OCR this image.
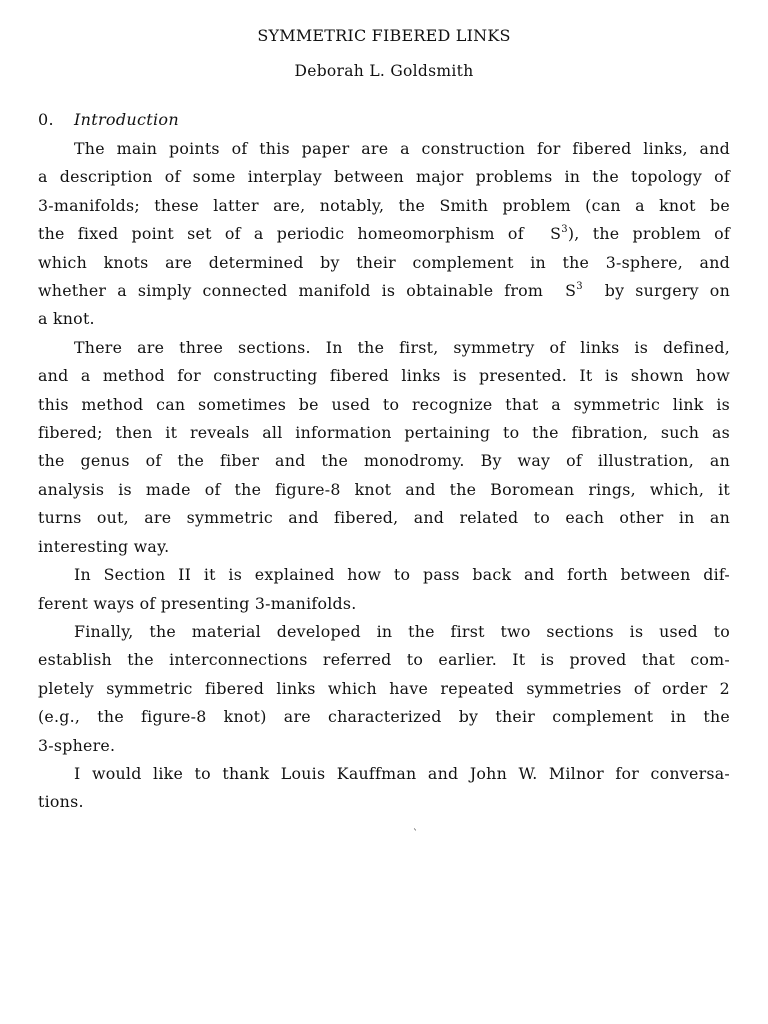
SYMMETRIC FIBERED LINKS
Deborah L. Goldsmith
0. Introduction
The main points of this paper are a construction for fibered links, and
a description of some interplay between major problems in the topology of
3-manifolds; these latter are, notably, the Smith problem (can a knot be
the fixed point set of a periodic homeomorphism of $S^3$), the problem of
which knots are determined by their complement in the 3-sphere, and
whether a simply connected manifold is obtainable from $S^3$ by surgery on
a knot.
There are three sections. In the first, symmetry of links is defined,
and a method for constructing fibered links is presented. It is shown how
this method can sometimes be used to recognize that a symmetric link is
fibered; then it reveals all information pertaining to the fibration, such as
the genus of the fiber and the monodromy. By way of illustration, an
analysis is made of the figure-8 knot and the Boromean rings, which, it
turns out, are symmetric and fibered, and related to each other in an
interesting way.
In Section II it is explained how to pass back and forth between dif-
ferent ways of presenting 3-manifolds.
Finally, the material developed in the first two sections is used to
establish the interconnections referred to earlier. It is proved that com-
pletely symmetric fibered links which have repeated symmetries of order 2
(e.g., the figure-8 knot) are characterized by their complement in the
3-sphere.
I would like to thank Louis Kauffman and John W. Milnor for conversa-
tions.
`
